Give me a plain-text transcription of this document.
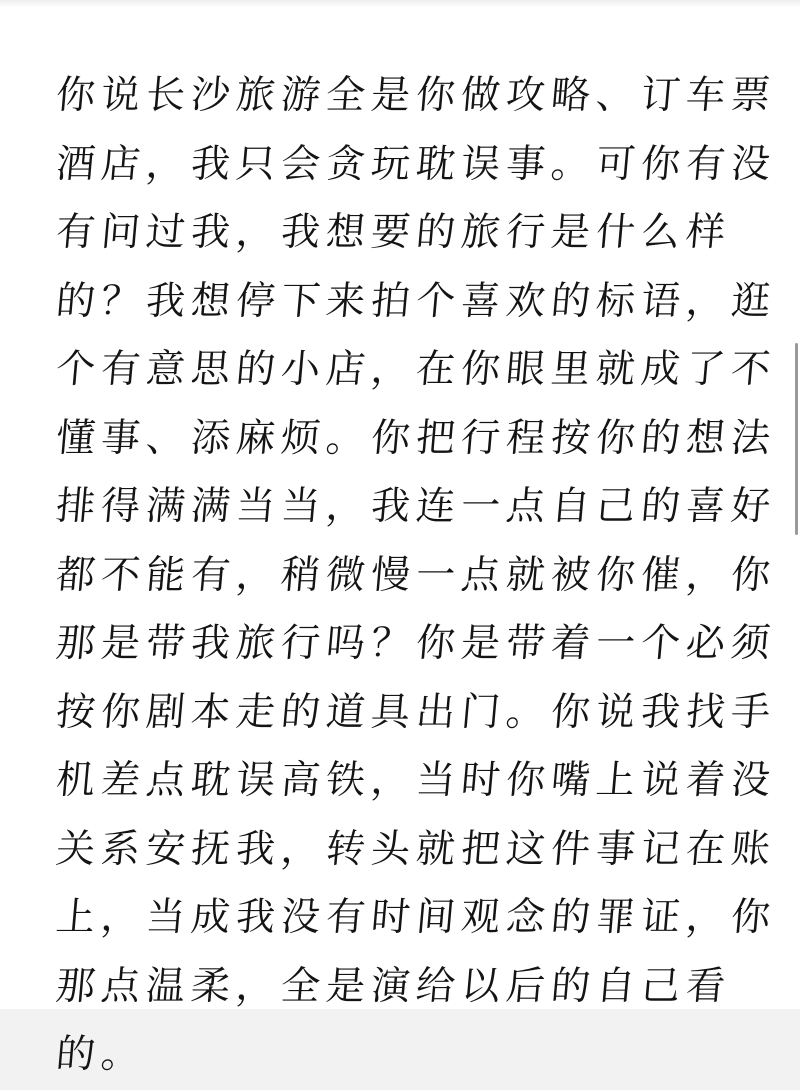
你说长沙旅游全是你做攻略、订车票
酒店，我只会贪玩耽误事。可你有没
有问过我，我想要的旅行是什么样
的？我想停下来拍个喜欢的标语，逛
个有意思的小店，在你眼里就成了不
懂事、添麻烦。你把行程按你的想法
排得满满当当，我连一点自己的喜好
都不能有，稍微慢一点就被你催，你
那是带我旅行吗？你是带着一个必须
按你剧本走的道具出门。你说我找手
机差点耽误高铁，当时你嘴上说着没
关系安抚我，转头就把这件事记在账
上，当成我没有时间观念的罪证，你
那点温柔，全是演给以后的自己看
的。
